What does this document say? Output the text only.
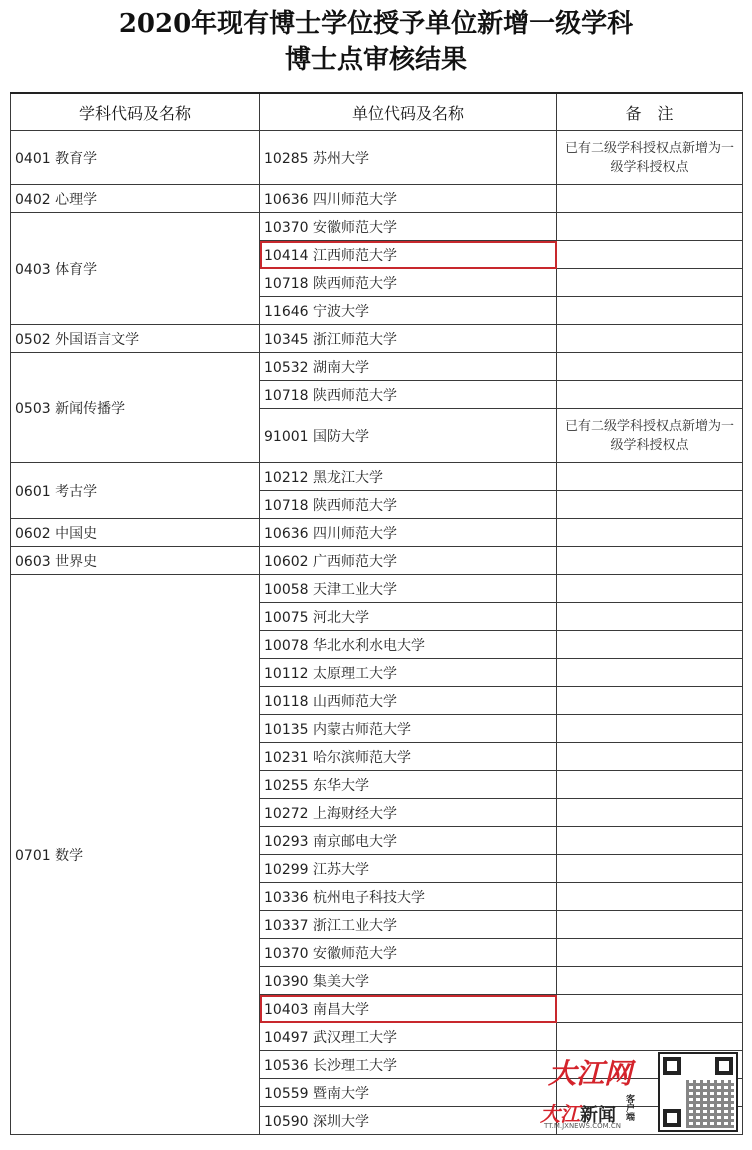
2020年现有博士学位授予单位新增一级学科
博士点审核结果
学科代码及名称	单位代码及名称	备　注
0401 教育学	10285 苏州大学	已有二级学科授权点新增为一级学科授权点
0402 心理学	10636 四川师范大学	
0403 体育学	10370 安徽师范大学	
	10414 江西师范大学	
	10718 陕西师范大学	
	11646 宁波大学	
0502 外国语言文学	10345 浙江师范大学	
0503 新闻传播学	10532 湖南大学	
	10718 陕西师范大学	
	91001 国防大学	已有二级学科授权点新增为一级学科授权点
0601 考古学	10212 黑龙江大学	
	10718 陕西师范大学	
0602 中国史	10636 四川师范大学	
0603 世界史	10602 广西师范大学	
0701 数学	10058 天津工业大学	
	10075 河北大学	
	10078 华北水利水电大学	
	10112 太原理工大学	
	10118 山西师范大学	
	10135 内蒙古师范大学	
	10231 哈尔滨师范大学	
	10255 东华大学	
	10272 上海财经大学	
	10293 南京邮电大学	
	10299 江苏大学	
	10336 杭州电子科技大学	
	10337 浙江工业大学	
	10370 安徽师范大学	
	10390 集美大学	
	10403 南昌大学	
	10497 武汉理工大学	
	10536 长沙理工大学	
	10559 暨南大学	
	10590 深圳大学	
大江网
大江新闻 客户端
TT.M.JXNEWS.COM.CN
